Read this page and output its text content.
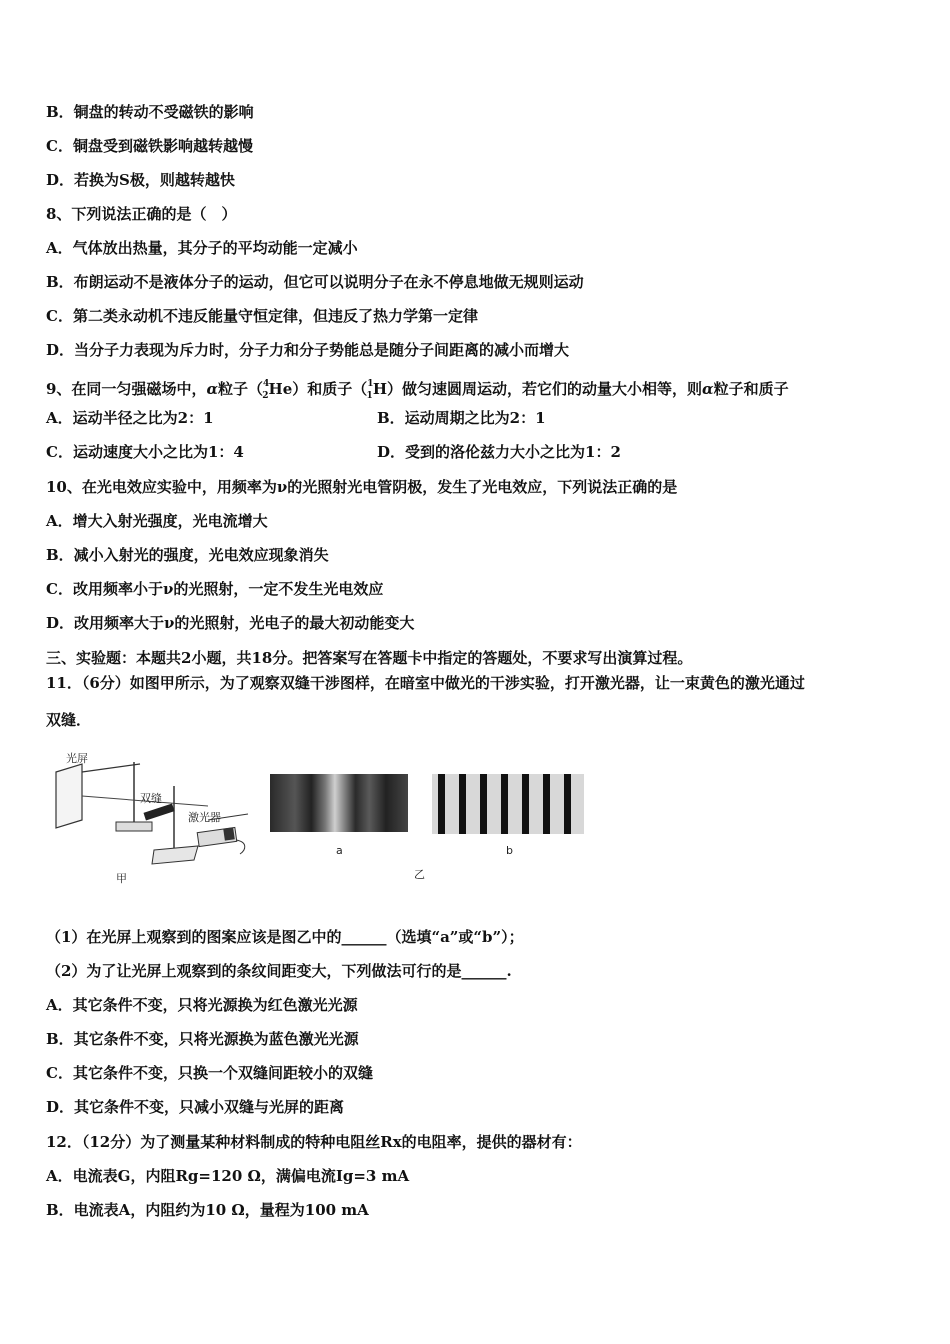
B．铜盘的转动不受磁铁的影响
C．铜盘受到磁铁影响越转越慢
D．若换为S极，则越转越快
8、下列说法正确的是（　）
A．气体放出热量，其分子的平均动能一定减小
B．布朗运动不是液体分子的运动，但它可以说明分子在永不停息地做无规则运动
C．第二类永动机不违反能量守恒定律，但违反了热力学第一定律
D．当分子力表现为斥力时，分子力和分子势能总是随分子间距离的减小而增大
9、在同一匀强磁场中，α粒子（$^4_2$He）和质子（$^1_1$H）做匀速圆周运动，若它们的动量大小相等，则α粒子和质子
A．运动半径之比为2：1	B．运动周期之比为2：1
C．运动速度大小之比为1：4	D．受到的洛伦兹力大小之比为1：2
10、在光电效应实验中，用频率为ν的光照射光电管阴极，发生了光电效应，下列说法正确的是
A．增大入射光强度，光电流增大
B．减小入射光的强度，光电效应现象消失
C．改用频率小于ν的光照射，一定不发生光电效应
D．改用频率大于ν的光照射，光电子的最大初动能变大
三、实验题：本题共2小题，共18分。把答案写在答题卡中指定的答题处，不要求写出演算过程。
11．（6分）如图甲所示，为了观察双缝干涉图样，在暗室中做光的干涉实验，打开激光器，让一束黄色的激光通过
双缝．
光屏
双缝
激光器
甲
a	b
乙
（1）在光屏上观察到的图案应该是图乙中的______（选填“a”或“b”）；
（2）为了让光屏上观察到的条纹间距变大，下列做法可行的是______.
A．其它条件不变，只将光源换为红色激光光源
B．其它条件不变，只将光源换为蓝色激光光源
C．其它条件不变，只换一个双缝间距较小的双缝
D．其它条件不变，只减小双缝与光屏的距离
12．（12分）为了测量某种材料制成的特种电阻丝Rx的电阻率，提供的器材有：
A．电流表G，内阻Rg=120 Ω，满偏电流Ig=3 mA
B．电流表A，内阻约为10 Ω，量程为100 mA
